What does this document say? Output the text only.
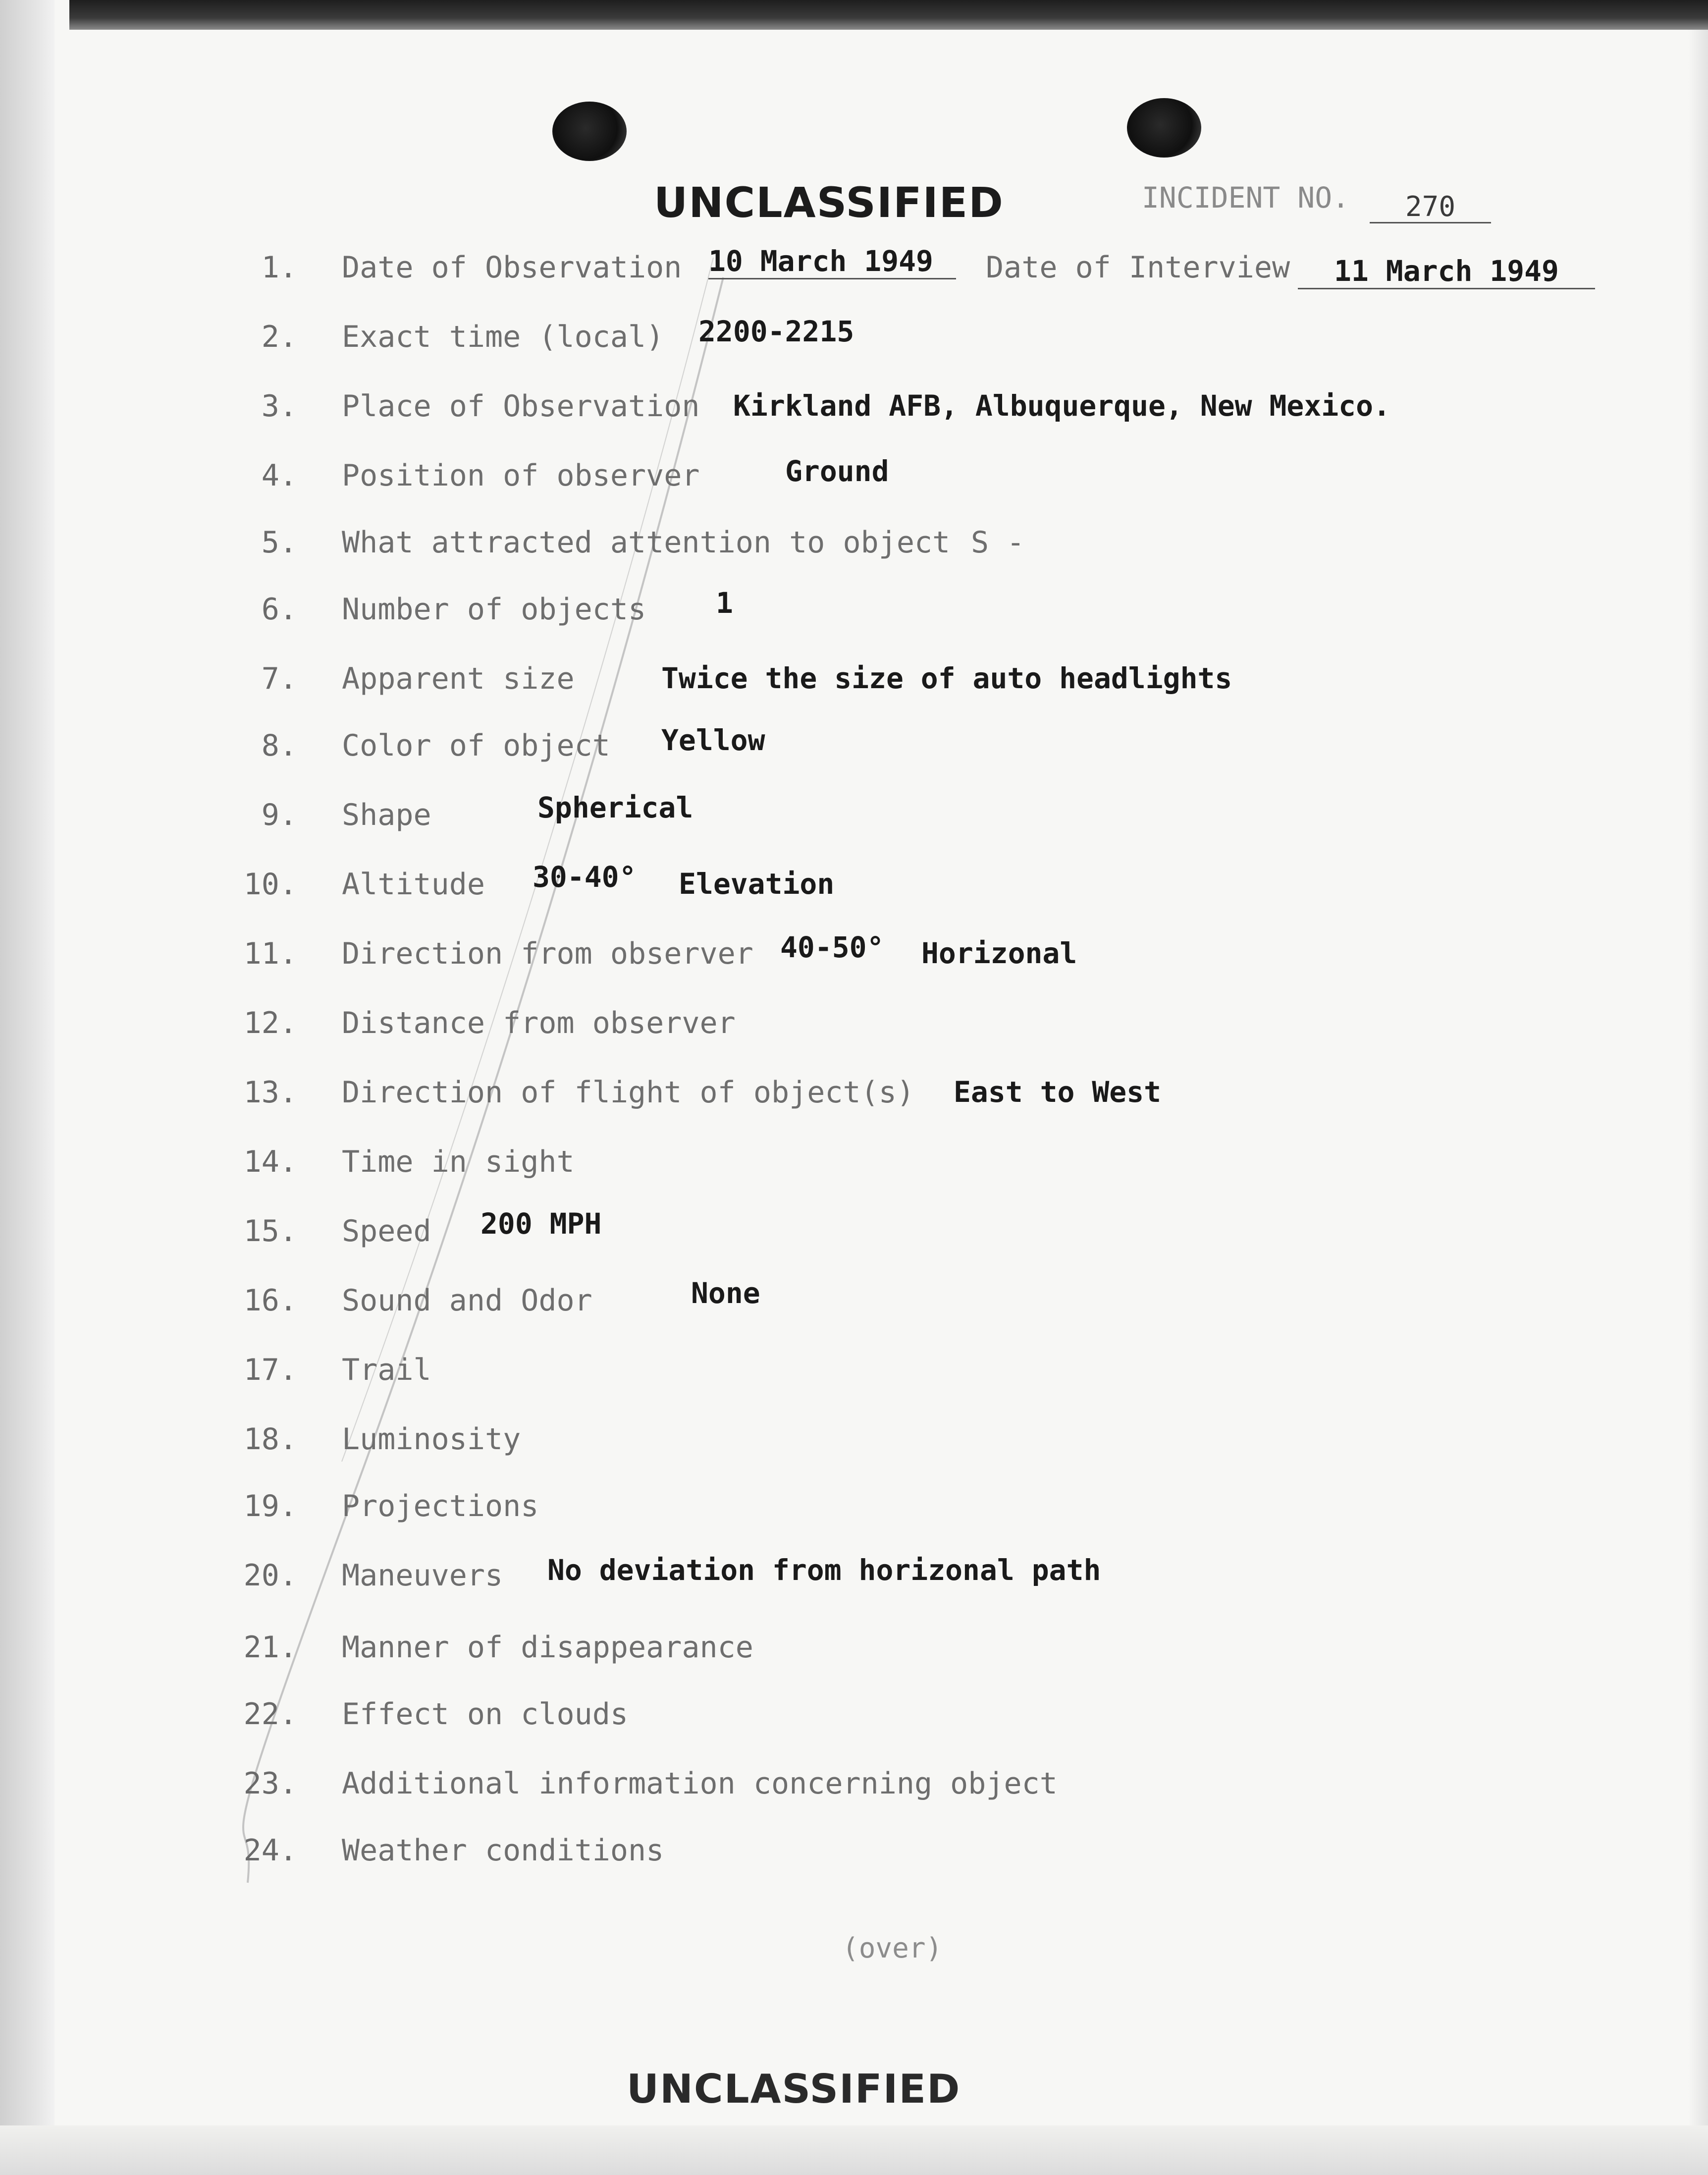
UNCLASSIFIED	INCIDENT NO.	270
1. Date of Observation 10 March 1949	Date of Interview	11 March 1949
2. Exact time (local) 2200-2215
3. Place of Observation Kirkland AFB, Albuquerque, New Mexico.
4. Position of observer	Ground
5. What attracted attention to object S -
6. Number of objects 1
7. Apparent size	Twice the size of auto headlights
8. Color of object Yellow
9. Shape	Spherical
10. Altitude 30-40° Elevation
11. Direction from observer 40-50° Horizonal
12. Distance from observer
13. Direction of flight of object(s) East to West
14. Time in sight
15. Speed 200 MPH
16. Sound and Odor	None
17. Trail
18. Luminosity
19. Projections
20. Maneuvers No deviation from horizonal path
21. Manner of disappearance
22. Effect on clouds
23. Additional information concerning object
24. Weather conditions
(over)
UNCLASSIFIED
